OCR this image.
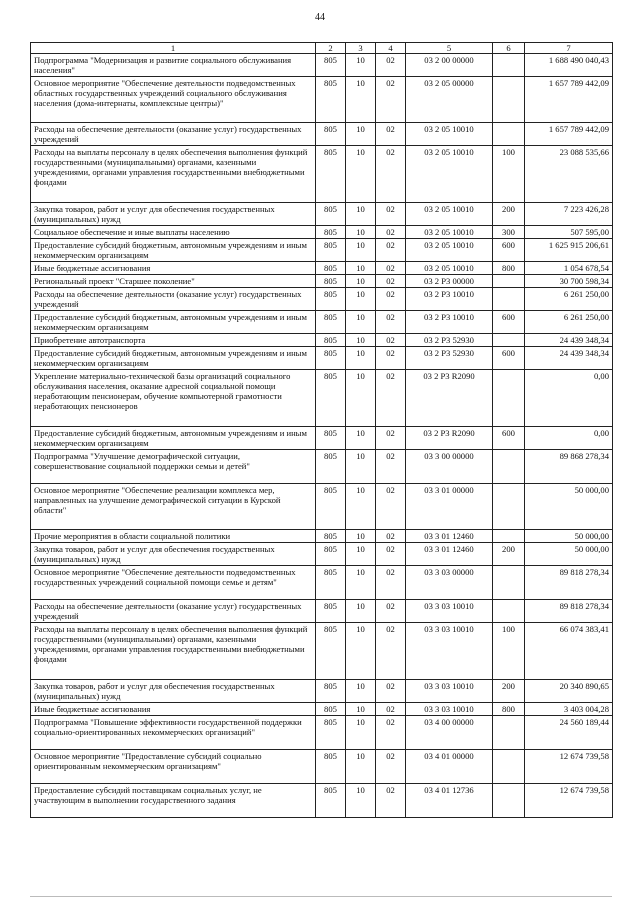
44
1	2	3	4	5	6	7
Подпрограмма "Модернизация и развитие социального обслуживания населения"	805	10	02	03 2 00 00000		1 688 490 040,43
Основное мероприятие "Обеспечение деятельности подведомственных областных государственных учреждений социального обслуживания населения (дома-интернаты, комплексные центры)"	805	10	02	03 2 05 00000		1 657 789 442,09
Расходы на обеспечение деятельности (оказание услуг) государственных учреждений	805	10	02	03 2 05 10010		1 657 789 442,09
Расходы на выплаты персоналу в целях обеспечения выполнения функций государственными (муниципальными) органами, казенными учреждениями, органами управления государственными внебюджетными фондами	805	10	02	03 2 05 10010	100	23 088 535,66
Закупка товаров, работ и услуг для обеспечения государственных (муниципальных) нужд	805	10	02	03 2 05 10010	200	7 223 426,28
Социальное обеспечение и иные выплаты населению	805	10	02	03 2 05 10010	300	507 595,00
Предоставление субсидий бюджетным, автономным учреждениям и иным некоммерческим организациям	805	10	02	03 2 05 10010	600	1 625 915 206,61
Иные бюджетные ассигнования	805	10	02	03 2 05 10010	800	1 054 678,54
Региональный проект "Старшее поколение"	805	10	02	03 2 P3 00000		30 700 598,34
Расходы на обеспечение деятельности (оказание услуг) государственных учреждений	805	10	02	03 2 P3 10010		6 261 250,00
Предоставление субсидий бюджетным, автономным учреждениям и иным некоммерческим организациям	805	10	02	03 2 P3 10010	600	6 261 250,00
Приобретение автотранспорта	805	10	02	03 2 P3 52930		24 439 348,34
Предоставление субсидий бюджетным, автономным учреждениям и иным некоммерческим организациям	805	10	02	03 2 P3 52930	600	24 439 348,34
Укрепление материально-технической базы организаций социального обслуживания населения, оказание адресной социальной помощи неработающим пенсионерам, обучение компьютерной грамотности неработающих пенсионеров	805	10	02	03 2 P3 R2090		0,00
Предоставление субсидий бюджетным, автономным учреждениям и иным некоммерческим организациям	805	10	02	03 2 P3 R2090	600	0,00
Подпрограмма "Улучшение демографической ситуации, совершенствование социальной поддержки семьи и детей"	805	10	02	03 3 00 00000		89 868 278,34
Основное мероприятие "Обеспечение реализации комплекса мер, направленных на улучшение демографической ситуации в Курской области"	805	10	02	03 3 01 00000		50 000,00
Прочие мероприятия в области социальной политики	805	10	02	03 3 01 12460		50 000,00
Закупка товаров, работ и услуг для обеспечения государственных (муниципальных) нужд	805	10	02	03 3 01 12460	200	50 000,00
Основное мероприятие "Обеспечение деятельности подведомственных государственных учреждений социальной помощи семье и детям"	805	10	02	03 3 03 00000		89 818 278,34
Расходы на обеспечение деятельности (оказание услуг) государственных учреждений	805	10	02	03 3 03 10010		89 818 278,34
Расходы на выплаты персоналу в целях обеспечения выполнения функций государственными (муниципальными) органами, казенными учреждениями, органами управления государственными внебюджетными фондами	805	10	02	03 3 03 10010	100	66 074 383,41
Закупка товаров, работ и услуг для обеспечения государственных (муниципальных) нужд	805	10	02	03 3 03 10010	200	20 340 890,65
Иные бюджетные ассигнования	805	10	02	03 3 03 10010	800	3 403 004,28
Подпрограмма "Повышение эффективности государственной поддержки социально-ориентированных некоммерческих организаций"	805	10	02	03 4 00 00000		24 560 189,44
Основное мероприятие "Предоставление субсидий социально ориентированным некоммерческим организациям"	805	10	02	03 4 01 00000		12 674 739,58
Предоставление субсидий поставщикам социальных услуг, не участвующим в выполнении государственного задания	805	10	02	03 4 01 12736		12 674 739,58
